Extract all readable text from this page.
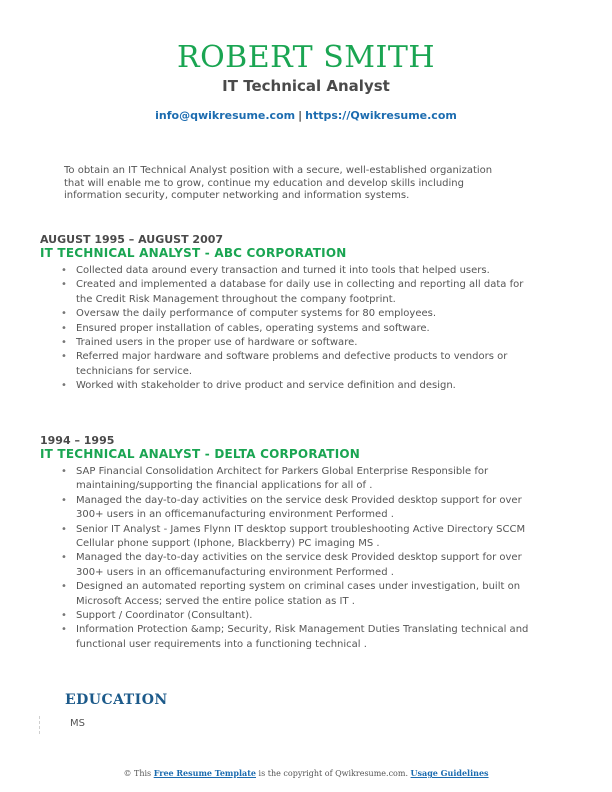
ROBERT SMITH
IT Technical Analyst
info@qwikresume.com | https://Qwikresume.com
To obtain an IT Technical Analyst position with a secure, well-established organization that will enable me to grow, continue my education and develop skills including information security, computer networking and information systems.
AUGUST 1995 – AUGUST 2007
IT TECHNICAL ANALYST - ABC CORPORATION
• Collected data around every transaction and turned it into tools that helped users.
• Created and implemented a database for daily use in collecting and reporting all data for the Credit Risk Management throughout the company footprint.
• Oversaw the daily performance of computer systems for 80 employees.
• Ensured proper installation of cables, operating systems and software.
• Trained users in the proper use of hardware or software.
• Referred major hardware and software problems and defective products to vendors or technicians for service.
• Worked with stakeholder to drive product and service definition and design.
1994 – 1995
IT TECHNICAL ANALYST - DELTA CORPORATION
• SAP Financial Consolidation Architect for Parkers Global Enterprise Responsible for maintaining/supporting the financial applications for all of .
• Managed the day-to-day activities on the service desk Provided desktop support for over 300+ users in an officemanufacturing environment Performed .
• Senior IT Analyst - James Flynn IT desktop support troubleshooting Active Directory SCCM Cellular phone support (Iphone, Blackberry) PC imaging MS .
• Managed the day-to-day activities on the service desk Provided desktop support for over 300+ users in an officemanufacturing environment Performed .
• Designed an automated reporting system on criminal cases under investigation, built on Microsoft Access; served the entire police station as IT .
• Support / Coordinator (Consultant).
• Information Protection &amp; Security, Risk Management Duties Translating technical and functional user requirements into a functioning technical .
EDUCATION
MS
© This Free Resume Template is the copyright of Qwikresume.com. Usage Guidelines
